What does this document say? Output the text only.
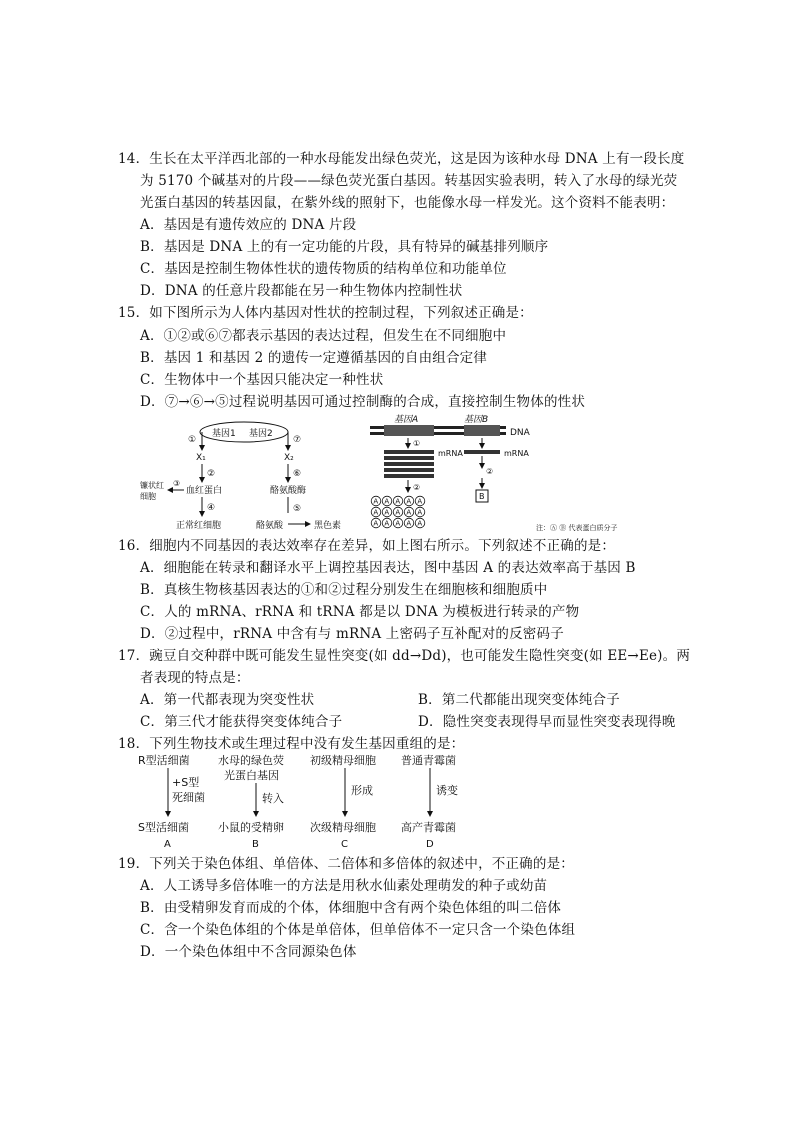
14．生长在太平洋西北部的一种水母能发出绿色荧光，这是因为该种水母 DNA 上有一段长度
为 5170 个碱基对的片段——绿色荧光蛋白基因。转基因实验表明，转入了水母的绿光荧
光蛋白基因的转基因鼠，在紫外线的照射下，也能像水母一样发光。这个资料不能表明：
A．基因是有遗传效应的 DNA 片段
B．基因是 DNA 上的有一定功能的片段，具有特异的碱基排列顺序
C．基因是控制生物体性状的遗传物质的结构单位和功能单位
D．DNA 的任意片段都能在另一种生物体内控制性状
15．如下图所示为人体内基因对性状的控制过程，下列叙述正确是：
A．①②或⑥⑦都表示基因的表达过程，但发生在不同细胞中
B．基因 1 和基因 2 的遗传一定遵循基因的自由组合定律
C．生物体中一个基因只能决定一种性状
D．⑦→⑥→⑤过程说明基因可通过控制酶的合成，直接控制生物体的性状
基因1 基因2
①
X₁
②
血红蛋白
③
镰状红
细胞
④
正常红细胞
⑦
X₂
⑥
酪氨酸酶
⑤
酪氨酸	黑色素
基因A	基因B
DNA
①
mRNA	mRNA
②
②
B
A A A A A
A A A A A
A A A A A
注：Ⓐ Ⓑ 代表蛋白质分子
16．细胞内不同基因的表达效率存在差异，如上图右所示。下列叙述不正确的是：
A．细胞能在转录和翻译水平上调控基因表达，图中基因 A 的表达效率高于基因 B
B．真核生物核基因表达的①和②过程分别发生在细胞核和细胞质中
C．人的 mRNA、rRNA 和 tRNA 都是以 DNA 为模板进行转录的产物
D．②过程中，rRNA 中含有与 mRNA 上密码子互补配对的反密码子
17．豌豆自交种群中既可能发生显性突变(如 dd→Dd)，也可能发生隐性突变(如 EE→Ee)。两
者表现的特点是：
A．第一代都表现为突变性状	B．第二代都能出现突变体纯合子
C．第三代才能获得突变体纯合子	D．隐性突变表现得早而显性突变表现得晚
18．下列生物技术或生理过程中没有发生基因重组的是：
R型活细菌
+S型
死细菌
S型活细菌
A
水母的绿色荧
光蛋白基因
转入
小鼠的受精卵
B
初级精母细胞
形成
次级精母细胞
C
普通青霉菌
诱变
高产青霉菌
D
19．下列关于染色体组、单倍体、二倍体和多倍体的叙述中，不正确的是：
A．人工诱导多倍体唯一的方法是用秋水仙素处理萌发的种子或幼苗
B．由受精卵发育而成的个体，体细胞中含有两个染色体组的叫二倍体
C．含一个染色体组的个体是单倍体，但单倍体不一定只含一个染色体组
D．一个染色体组中不含同源染色体
